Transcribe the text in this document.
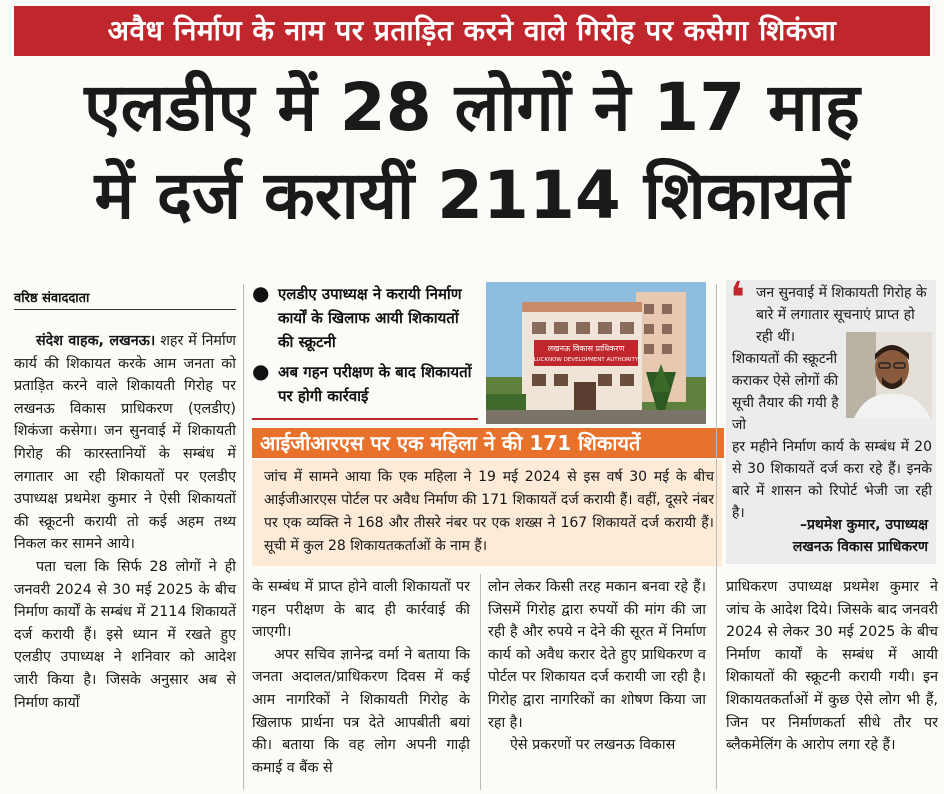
अवैध निर्माण के नाम पर प्रताड़ित करने वाले गिरोह पर कसेगा शिकंजा
एलडीए में 28 लोगों ने 17 माह
में दर्ज करायीं 2114 शिकायतें
वरिष्ठ संवाददाता

संदेश वाहक, लखनऊ। शहर में निर्माण कार्य की शिकायत करके आम जनता को प्रताड़ित करने वाले शिकायती गिरोह पर लखनऊ विकास प्राधिकरण (एलडीए) शिकंजा कसेगा। जन सुनवाई में शिकायती गिरोह की कारस्तानियों के सम्बंध में लगातार आ रही शिकायतों पर एलडीए उपाध्यक्ष प्रथमेश कुमार ने ऐसी शिकायतों की स्क्रूटनी करायी तो कई अहम तथ्य निकल कर सामने आये।

पता चला कि सिर्फ 28 लोगों ने ही जनवरी 2024 से 30 मई 2025 के बीच निर्माण कार्यों के सम्बंध में 2114 शिकायतें दर्ज करायी हैं। इसे ध्यान में रखते हुए एलडीए उपाध्यक्ष ने शनिवार को आदेश जारी किया है। जिसके अनुसार अब से निर्माण कार्यों

● एलडीए उपाध्यक्ष ने करायी निर्माण कार्यों के खिलाफ आयी शिकायतों की स्क्रूटनी
● अब गहन परीक्षण के बाद शिकायतों पर होगी कार्रवाई
लखनऊ विकास प्राधिकरण
LUCKNOW DEVELOPMENT AUTHORITY
आईजीआरएस पर एक महिला ने की 171 शिकायतें
जांच में सामने आया कि एक महिला ने 19 मई 2024 से इस वर्ष 30 मई के बीच आईजीआरएस पोर्टल पर अवैध निर्माण की 171 शिकायतें दर्ज करायी हैं। वहीं, दूसरे नंबर पर एक व्यक्ति ने 168 और तीसरे नंबर पर एक शख्स ने 167 शिकायतें दर्ज करायी हैं। सूची में कुल 28 शिकायतकर्ताओं के नाम हैं।
❛ जन सुनवाई में शिकायती गिरोह के बारे में लगातार सूचनाएं प्राप्त हो रही थीं।
शिकायतों की स्क्रूटनी कराकर ऐसे लोगों की सूची तैयार की गयी है जो
हर महीने निर्माण कार्य के सम्बंध में 20 से 30 शिकायतें दर्ज करा रहे हैं। इनके बारे में शासन को रिपोर्ट भेजी जा रही है।
–प्रथमेश कुमार, उपाध्यक्ष
लखनऊ विकास प्राधिकरण

के सम्बंध में प्राप्त होने वाली शिकायतों पर गहन परीक्षण के बाद ही कार्रवाई की जाएगी।

अपर सचिव ज्ञानेन्द्र वर्मा ने बताया कि जनता अदालत/प्राधिकरण दिवस में कई आम नागरिकों ने शिकायती गिरोह के खिलाफ प्रार्थना पत्र देते आपबीती बयां की। बताया कि वह लोग अपनी गाढ़ी कमाई व बैंक से

लोन लेकर किसी तरह मकान बनवा रहे हैं। जिसमें गिरोह द्वारा रुपयों की मांग की जा रही है और रुपये न देने की सूरत में निर्माण कार्य को अवैध करार देते हुए प्राधिकरण व पोर्टल पर शिकायत दर्ज करायी जा रही है। गिरोह द्वारा नागरिकों का शोषण किया जा रहा है।

ऐसे प्रकरणों पर लखनऊ विकास

प्राधिकरण उपाध्यक्ष प्रथमेश कुमार ने जांच के आदेश दिये। जिसके बाद जनवरी 2024 से लेकर 30 मई 2025 के बीच निर्माण कार्यों के सम्बंध में आयी शिकायतों की स्क्रूटनी करायी गयी। इन शिकायतकर्ताओं में कुछ ऐसे लोग भी हैं, जिन पर निर्माणकर्ता सीधे तौर पर ब्लैकमेलिंग के आरोप लगा रहे हैं।
